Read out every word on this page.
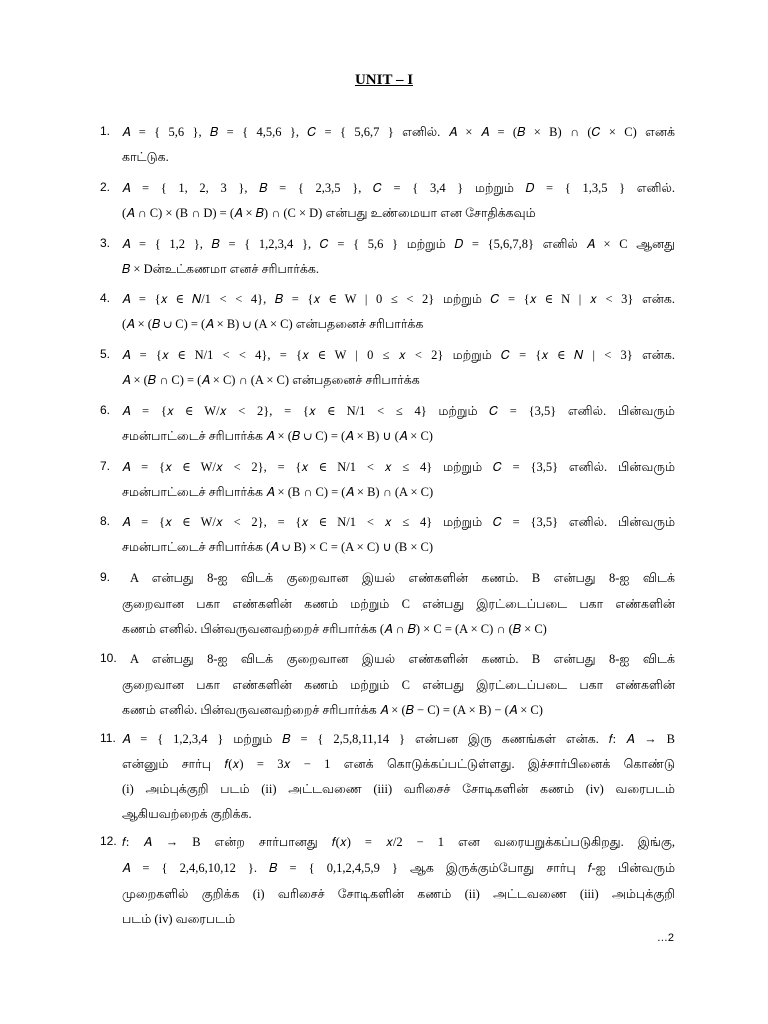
UNIT – I
1. 𝐴 = { 5,6 }, 𝐵 = { 4,5,6 }, 𝐶 = { 5,6,7 } எனில். 𝐴 × 𝐴 = (𝐵 × B) ∩ (𝐶 × C) எனக்
காட்டுக.
2. 𝐴 = { 1, 2, 3 }, 𝐵 = { 2,3,5 }, 𝐶 = { 3,4 } மற்றும் 𝐷 = { 1,3,5 } எனில்.
(𝐴 ∩ C) × (B ∩ D) = (𝐴 × 𝐵) ∩ (C × D) என்பது உண்மையா என சோதிக்கவும்
3. 𝐴 = { 1,2 }, 𝐵 = { 1,2,3,4 }, 𝐶 = { 5,6 } மற்றும் 𝐷 = {5,6,7,8} எனில் 𝐴 × C ஆனது
𝐵 × Dன்உட்கணமா எனச் சரிபார்க்க.
4. 𝐴 = {𝑥 ∈ 𝑁/1 < < 4}, 𝐵 = {𝑥 ∈ W | 0 ≤ < 2} மற்றும் 𝐶 = {𝑥 ∈ N | 𝑥 < 3} என்க.
(𝐴 × (𝐵 ∪ C) = (𝐴 × B) ∪ (A × C) என்பதனைச் சரிபார்க்க
5. 𝐴 = {𝑥 ∈ N/1 < < 4}, = {𝑥 ∈ W | 0 ≤ 𝑥 < 2} மற்றும் 𝐶 = {𝑥 ∈ 𝑁 | < 3} என்க.
𝐴 × (𝐵 ∩ C) = (𝐴 × C) ∩ (A × C) என்பதனைச் சரிபார்க்க
6. 𝐴 = {𝑥 ∈ W/𝑥 < 2}, = {𝑥 ∈ N/1 < ≤ 4} மற்றும் 𝐶 = {3,5} எனில். பின்வரும்
சமன்பாட்டைச் சரிபார்க்க 𝐴 × (𝐵 ∪ C) = (𝐴 × B) ∪ (𝐴 × C)
7. 𝐴 = {𝑥 ∈ W/𝑥 < 2}, = {𝑥 ∈ N/1 < 𝑥 ≤ 4} மற்றும் 𝐶 = {3,5} எனில். பின்வரும்
சமன்பாட்டைச் சரிபார்க்க 𝐴 × (B ∩ C) = (𝐴 × B) ∩ (A × C)
8. 𝐴 = {𝑥 ∈ W/𝑥 < 2}, = {𝑥 ∈ N/1 < 𝑥 ≤ 4} மற்றும் 𝐶 = {3,5} எனில். பின்வரும்
சமன்பாட்டைச் சரிபார்க்க (𝐴 ∪ B) × C = (A × C) ∪ (B × C)
9. A என்பது 8-ஐ விடக் குறைவான இயல் எண்களின் கணம். B என்பது 8-ஐ விடக்
குறைவான பகா எண்களின் கணம் மற்றும் C என்பது இரட்டைப்படை பகா எண்களின்
கணம் எனில். பின்வருவனவற்றைச் சரிபார்க்க (𝐴 ∩ 𝐵) × C = (A × C) ∩ (𝐵 × C)
10. A என்பது 8-ஐ விடக் குறைவான இயல் எண்களின் கணம். B என்பது 8-ஐ விடக்
குறைவான பகா எண்களின் கணம் மற்றும் C என்பது இரட்டைப்படை பகா எண்களின்
கணம் எனில். பின்வருவனவற்றைச் சரிபார்க்க 𝐴 × (𝐵 − C) = (A × B) − (𝐴 × C)
11. 𝐴 = { 1,2,3,4 } மற்றும் 𝐵 = { 2,5,8,11,14 } என்பன இரு கணங்கள் என்க. 𝑓: 𝐴 → B
என்னும் சார்பு 𝑓(𝑥) = 3𝑥 − 1 எனக் கொடுக்கப்பட்டுள்ளது. இச்சார்பினைக் கொண்டு
(i) அம்புக்குறி படம் (ii) அட்டவணை (iii) வரிசைச் சோடிகளின் கணம் (iv) வரைபடம்
ஆகியவற்றைக் குறிக்க.
12. 𝑓: 𝐴 → B என்ற சார்பானது 𝑓(𝑥) = 𝑥/2 − 1 என வரையறுக்கப்படுகிறது. இங்கு,
𝐴 = { 2,4,6,10,12 }. 𝐵 = { 0,1,2,4,5,9 } ஆக இருக்கும்போது சார்பு 𝑓-ஐ பின்வரும்
முறைகளில் குறிக்க (i) வரிசைச் சோடிகளின் கணம் (ii) அட்டவணை (iii) அம்புக்குறி
படம் (iv) வரைபடம்
…2
